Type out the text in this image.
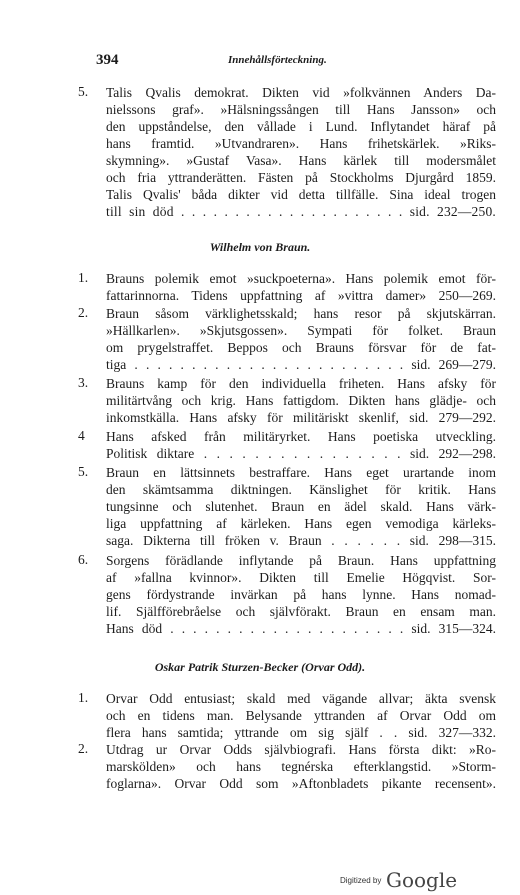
394	Innehållsförteckning.
5. Talis Qvalis demokrat. Dikten vid »folkvännen Anders Da-
nielssons graf». »Hälsningssången till Hans Jansson» och
den uppståndelse, den vållade i Lund. Inflytandet häraf på
hans framtid. »Utvandraren». Hans frihetskärlek. »Riks-
skymning». »Gustaf Vasa». Hans kärlek till modersmålet
och fria yttranderätten. Fästen på Stockholms Djurgård 1859.
Talis Qvalis' båda dikter vid detta tillfälle. Sina ideal trogen
till sin död . . . . . . . . . . . . . . . . . . . . . sid. 232—250.
Wilhelm von Braun.
1. Brauns polemik emot »suckpoeterna». Hans polemik emot för-
fattarinnorna. Tidens uppfattning af »vittra damer» 250—269.
2. Braun såsom värklighetsskald; hans resor på skjutskärran.
»Hällkarlen». »Skjutsgossen». Sympati för folket. Braun
om prygelstraffet. Beppos och Brauns försvar för de fat-
tiga . . . . . . . . . . . . . . . . . . . . . . . . sid. 269—279.
3. Brauns kamp för den individuella friheten. Hans afsky för
militärtvång och krig. Hans fattigdom. Dikten hans glädje- och
inkomstkälla. Hans afsky för militäriskt skenlif, sid. 279—292.
4 Hans afsked från militäryrket. Hans poetiska utveckling.
Politisk diktare . . . . . . . . . . . . . . . . sid. 292—298.
5. Braun en lättsinnets bestraffare. Hans eget urartande inom
den skämtsamma diktningen. Känslighet för kritik. Hans
tungsinne och slutenhet. Braun en ädel skald. Hans värk-
liga uppfattning af kärleken. Hans egen vemodiga kärleks-
saga. Dikterna till fröken v. Braun . . . . . . sid. 298—315.
6. Sorgens förädlande inflytande på Braun. Hans uppfattning
af »fallna kvinnor». Dikten till Emelie Högqvist. Sor-
gens fördystrande invärkan på hans lynne. Hans nomad-
lif. Själfförebråelse och självförakt. Braun en ensam man.
Hans död . . . . . . . . . . . . . . . . . . . . . sid. 315—324.
Oskar Patrik Sturzen-Becker (Orvar Odd).
1. Orvar Odd entusiast; skald med vägande allvar; äkta svensk
och en tidens man. Belysande yttranden af Orvar Odd om
flera hans samtida; yttrande om sig själf . . sid. 327—332.
2. Utdrag ur Orvar Odds självbiografi. Hans första dikt: »Ro-
marskölden» och hans tegnérska efterklangstid. »Storm-
foglarna». Orvar Odd som »Aftonbladets pikante recensent».
Digitized by Google
